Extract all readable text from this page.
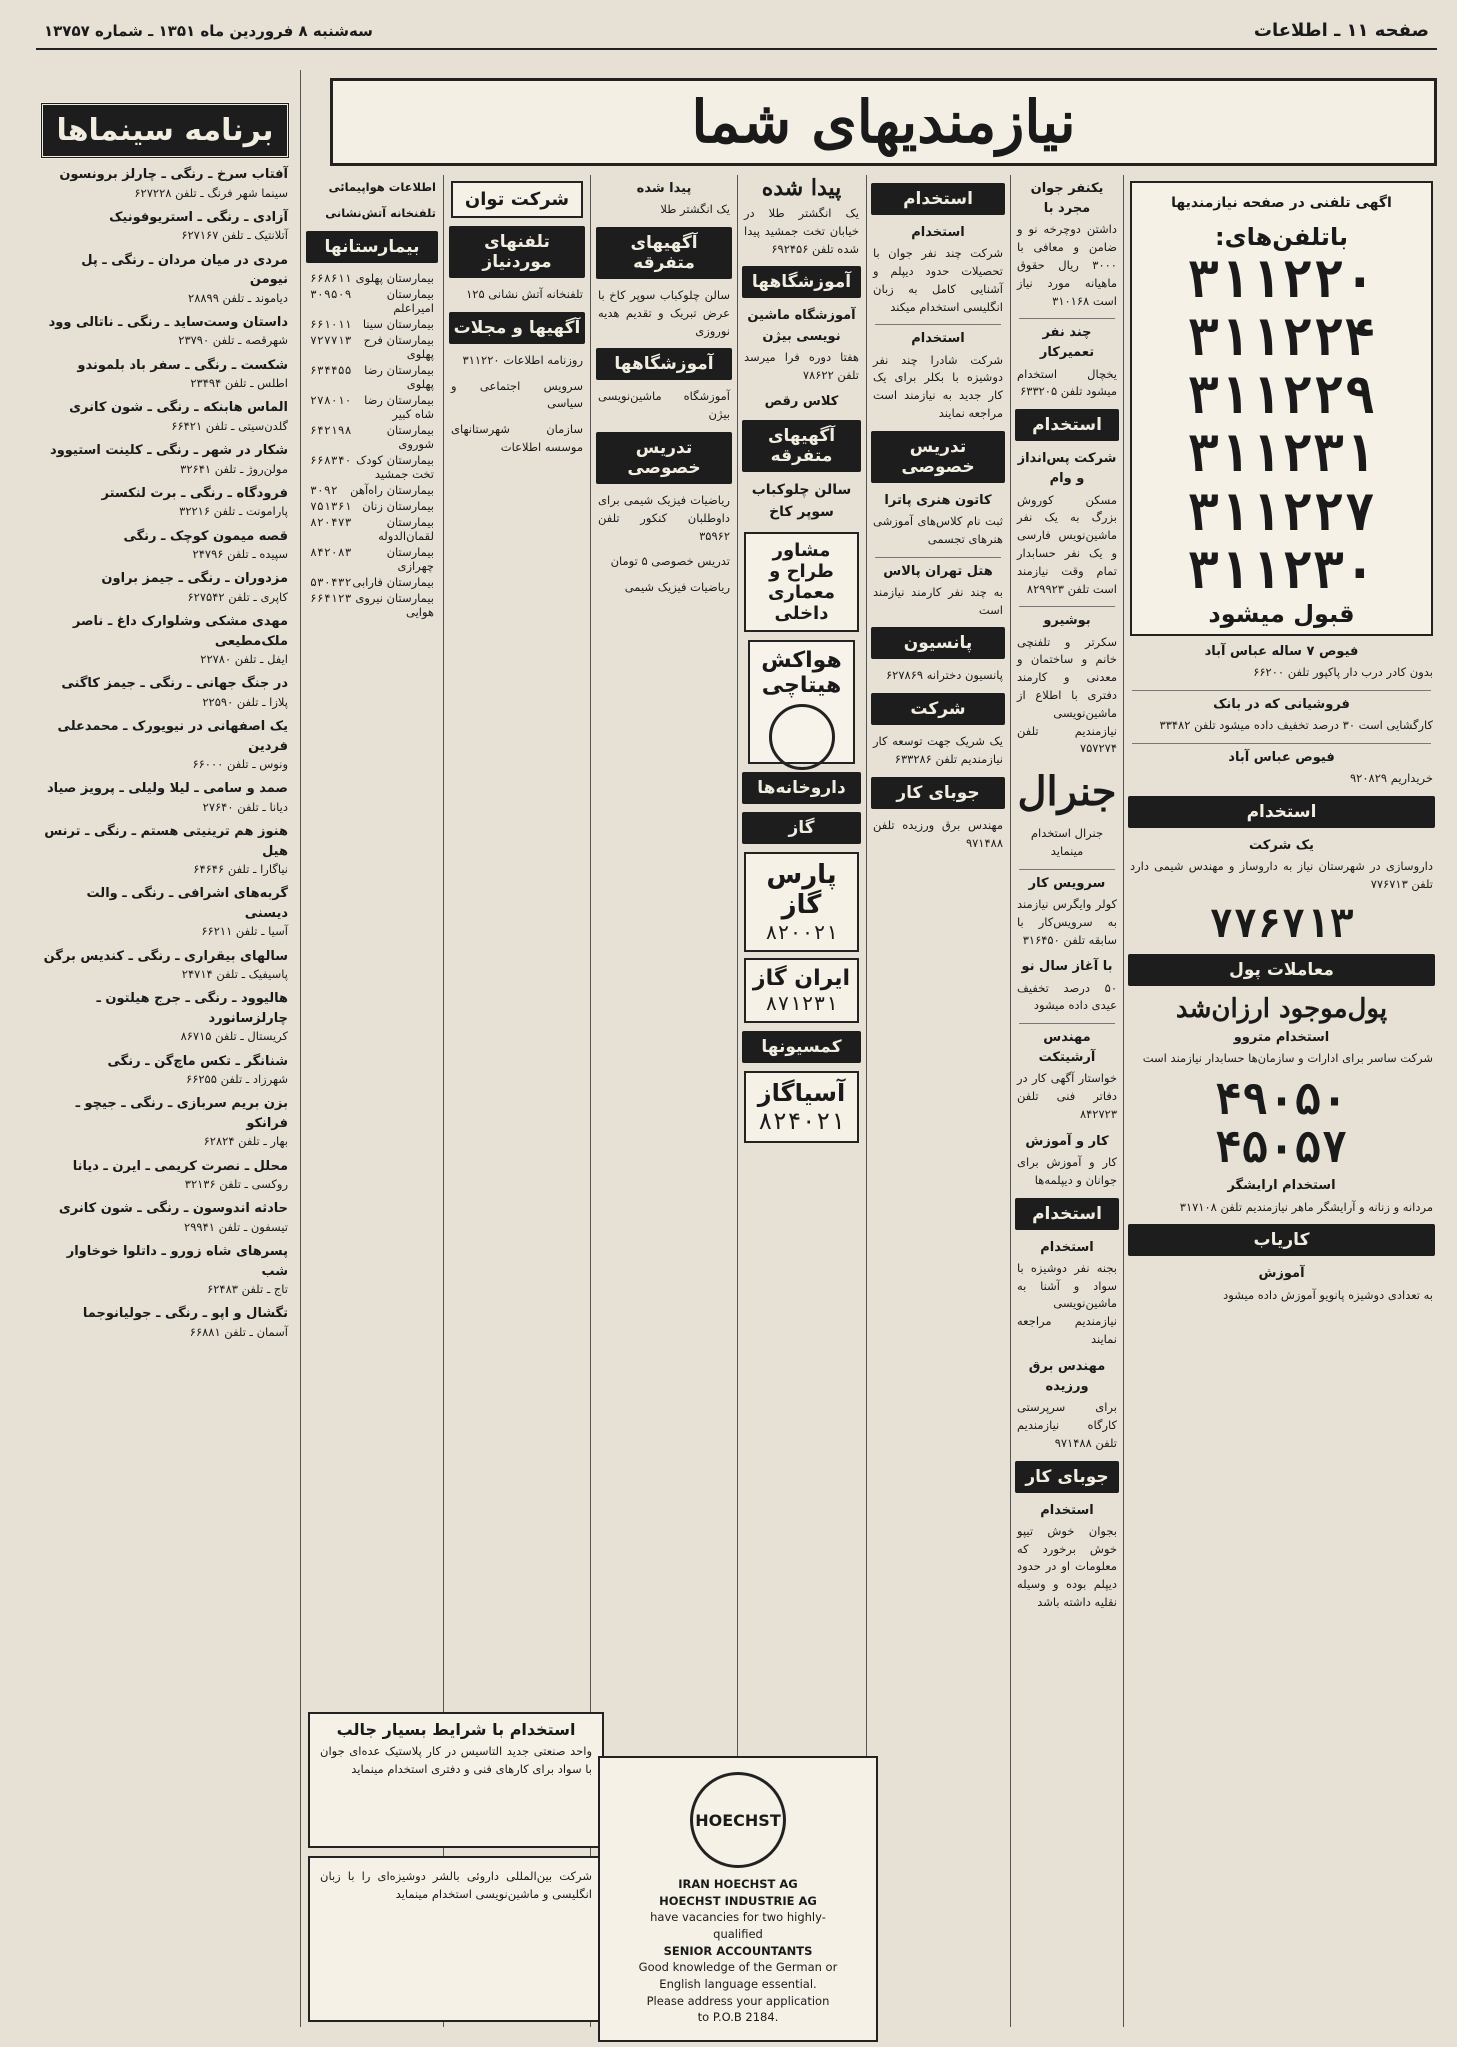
سه‌شنبه ۸ فروردین ماه ۱۳۵۱ ـ شماره ۱۳۷۵۷	صفحه ۱۱ ـ اطلاعات
نیازمندیهای شما
اگهی تلفنی در صفحه نیازمندیها
باتلفن‌های:
۳۱۱۲۲۰
۳۱۱۲۲۴
۳۱۱۲۲۹
۳۱۱۲۳۱
۳۱۱۲۲۷
۳۱۱۲۳۰
قبول میشود
فیوص ۷ ساله عباس آباد
بدون کادر درب دار پاکپور تلفن ۶۶۲۰۰
فروشیانی که در بانک
کارگشایی است ۳۰ درصد تخفیف داده میشود تلفن ۳۳۴۸۲
فیوص عباس آباد
خریداریم ۹۲۰۸۲۹
استخدام
یک شرکت
داروسازی در شهرستان نیاز به داروساز و مهندس شیمی دارد تلفن ۷۷۶۷۱۳
۷۷۶۷۱۳
معاملات پول
پول‌موجود ارزان‌شد
استخدام متروو
شرکت ساسر برای ادارات و سازمان‌ها حسابدار نیازمند است
۴۹۰۵۰
۴۵۰۵۷
استخدام ارایشگر
مردانه و زنانه و آرایشگر ماهر نیازمندیم تلفن ۳۱۷۱۰۸
کاریاب
آموزش
به تعدادی دوشیزه پانویو آموزش داده میشود
یکنفر جوان مجرد با
داشتن دوچرخه نو و ضامن و معافی با ۳۰۰۰ ریال حقوق ماهیانه مورد نیاز است ۳۱۰۱۶۸
چند نفر تعمیرکار
یخچال استخدام میشود تلفن ۶۳۳۲۰۵
استخدام
شرکت پس‌انداز و وام
مسکن کوروش بزرگ به یک نفر ماشین‌نویس فارسی و یک نفر حسابدار تمام وقت نیازمند است تلفن ۸۲۹۹۲۳
بوشیرو
سکرتر و تلفنچی خانم و ساختمان و معدنی و کارمند دفتری با اطلاع از ماشین‌نویسی نیازمندیم تلفن ۷۵۷۲۷۴
جنرال
جنرال استخدام مینماید
سرویس کار
کولر وایگرس نیازمند به سرویس‌کار با سابقه تلفن ۳۱۶۴۵۰
با آغاز سال نو
۵۰ درصد تخفیف عیدی داده میشود
مهندس آرشیتکت
خواستار آگهی کار در دفاتر فنی تلفن ۸۴۲۷۲۳
کار و آموزش
کار و آموزش برای جوانان و دیپلمه‌ها
استخدام
استخدام
بجنه نفر دوشیزه با سواد و آشنا به ماشین‌نویسی نیازمندیم مراجعه نمایند
مهندس برق ورزیده
برای سرپرستی کارگاه نیازمندیم تلفن ۹۷۱۴۸۸
جوبای کار
استخدام
بجوان خوش تیپو خوش برخورد که معلومات او در حدود دیپلم بوده و وسیله نقلیه داشته باشد
استخدام
استخدام
شرکت چند نفر جوان با تحصیلات حدود دیپلم و آشنایی کامل به زبان انگلیسی استخدام میکند
استخدام
شرکت شادرا چند نفر دوشیزه با بکلر برای یک کار جدید به نیازمند است مراجعه نمایند
تدریس خصوصی
کاتون هنری پاترا
ثبت نام کلاس‌های آموزشی هنرهای تجسمی
هتل تهران پالاس
به چند نفر کارمند نیازمند است
پانسیون
پانسیون دخترانه ۶۲۷۸۶۹
شرکت
یک شریک جهت توسعه کار نیازمندیم تلفن ۶۳۳۲۸۶
جوبای کار
مهندس برق ورزیده تلفن ۹۷۱۴۸۸
پیدا شده
یک انگشتر طلا در خیابان تخت جمشید پیدا شده تلفن ۶۹۲۴۵۶
آموزشگاهها
آموزشگاه ماشین نویسی بیژن
هفتا دوره فرا میرسد تلفن ۷۸۶۲۲
کلاس رقص
آگهیهای متفرقه
سالن چلوکباب سوپر کاخ
مشاور طراح و معماری داخلی
هواکش هیتاچی
داروخانه‌ها
گاز
پارس گاز
۸۲۰۰۲۱
ایران گاز
۸۷۱۲۳۱
کمسیونها
آسیاگاز
۸۲۴۰۲۱
پیدا شده
یک انگشتر طلا
آگهیهای متفرقه
سالن چلوکباب سوپر کاخ با عرض تبریک و تقدیم هدیه نوروزی
آموزشگاهها
آموزشگاه ماشین‌نویسی بیژن
تدریس خصوصی
ریاضیات فیزیک شیمی برای داوطلبان کنکور تلفن ۳۵۹۶۲
تدریس خصوصی ۵ تومان
ریاضیات فیزیک شیمی
شرکت توان
تلفنهای موردنیاز
تلفنخانه آتش نشانی ۱۲۵
آگهیها و مجلات
روزنامه اطلاعات ۳۱۱۲۲۰
سرویس اجتماعی و سیاسی
سازمان شهرستانهای موسسه اطلاعات
اطلاعات هواپیمائی
تلفنخانه آتش‌نشانی
بیمارستانها
بیمارستان پهلوی
۶۶۸۶۱۱
بیمارستان امیراعلم
۳۰۹۵۰۹
بیمارستان سینا
۶۶۱۰۱۱
بیمارستان فرح پهلوی
۷۲۷۷۱۳
بیمارستان رضا پهلوی
۶۳۴۴۵۵
بیمارستان رضا شاه کبیر
۲۷۸۰۱۰
بیمارستان شوروی
۶۴۲۱۹۸
بیمارستان کودک تخت جمشید
۶۶۸۳۴۰
بیمارستان راه‌آهن
۳۰۹۲
بیمارستان زنان
۷۵۱۳۶۱
بیمارستان لقمان‌الدوله
۸۲۰۴۷۳
بیمارستان چهرازی
۸۴۲۰۸۳
بیمارستان فارابی
۵۳۰۴۳۲
بیمارستان نیروی هوایی
۶۶۴۱۲۳
استخدام با شرایط بسیار جالب
واحد صنعتی جدید التاسیس در کار پلاستیک عده‌ای جوان با سواد برای کارهای فنی و دفتری استخدام مینماید
شرکت بین‌المللی داروئی بالشر دوشیزه‌ای را با زبان انگلیسی و ماشین‌نویسی استخدام مینماید
HOECHST
IRAN HOECHST AG
HOECHST INDUSTRIE AG
have vacancies for two highly-
qualified
SENIOR ACCOUNTANTS
Good knowledge of the German or
English language essential.
Please address your application
to P.O.B 2184.
برنامه سینماها
آفتاب سرخ ـ رنگی ـ چارلز برونسون
سینما شهر فرنگ ـ تلفن ۶۲۷۲۲۸
آزادی ـ رنگی ـ استریوفونیک
آتلانتیک ـ تلفن ۶۲۷۱۶۷
مردی در میان مردان ـ رنگی ـ پل نیومن
دیاموند ـ تلفن ۲۸۸۹۹
داستان وست‌ساید ـ رنگی ـ ناتالی وود
شهرقصه ـ تلفن ۲۳۷۹۰
شکست ـ رنگی ـ سفر باد بلموندو
اطلس ـ تلفن ۲۳۴۹۴
الماس هابنکه ـ رنگی ـ شون کانری
گلدن‌سیتی ـ تلفن ۶۶۴۲۱
شکار در شهر ـ رنگی ـ کلینت استیوود
مولن‌روژ ـ تلفن ۳۲۶۴۱
فرودگاه ـ رنگی ـ برت لنکستر
پارامونت ـ تلفن ۳۲۲۱۶
قصه میمون کوچک ـ رنگی
سپیده ـ تلفن ۲۴۷۹۶
مزدوران ـ رنگی ـ جیمز براون
کاپری ـ تلفن ۶۲۷۵۴۲
مهدی مشکی وشلوارک داغ ـ ناصر ملک‌مطیعی
ایفل ـ تلفن ۲۲۷۸۰
در جنگ جهانی ـ رنگی ـ جیمز کاگنی
پلازا ـ تلفن ۲۲۵۹۰
یک اصفهانی در نیویورک ـ محمدعلی فردین
ونوس ـ تلفن ۶۶۰۰۰
صمد و سامی ـ لیلا ولیلی ـ پرویز صیاد
دیانا ـ تلفن ۲۷۶۴۰
هنوز هم ترینیتی هستم ـ رنگی ـ ترنس هیل
نیاگارا ـ تلفن ۶۴۶۴۶
گربه‌های اشرافی ـ رنگی ـ والت دیسنی
آسیا ـ تلفن ۶۶۲۱۱
سالهای بیقراری ـ رنگی ـ کندیس برگن
پاسیفیک ـ تلفن ۲۴۷۱۴
هالیوود ـ رنگی ـ جرج هیلتون ـ چارلزسانورد
کریستال ـ تلفن ۸۶۷۱۵
شنانگر ـ تکس ماچ‌گن ـ رنگی
شهرزاد ـ تلفن ۶۶۲۵۵
بزن بریم سربازی ـ رنگی ـ جیچو ـ فرانکو
بهار ـ تلفن ۶۲۸۲۴
محلل ـ نصرت کریمی ـ ایرن ـ دیانا
روکسی ـ تلفن ۳۲۱۳۶
حادثه اندوسون ـ رنگی ـ شون کانری
تیسفون ـ تلفن ۲۹۹۴۱
پسرهای شاه زورو ـ داتلوا خوخاوار شب
تاج ـ تلفن ۶۲۴۸۳
تگشال و اپو ـ رنگی ـ جولیانوجما
آسمان ـ تلفن ۶۶۸۸۱
